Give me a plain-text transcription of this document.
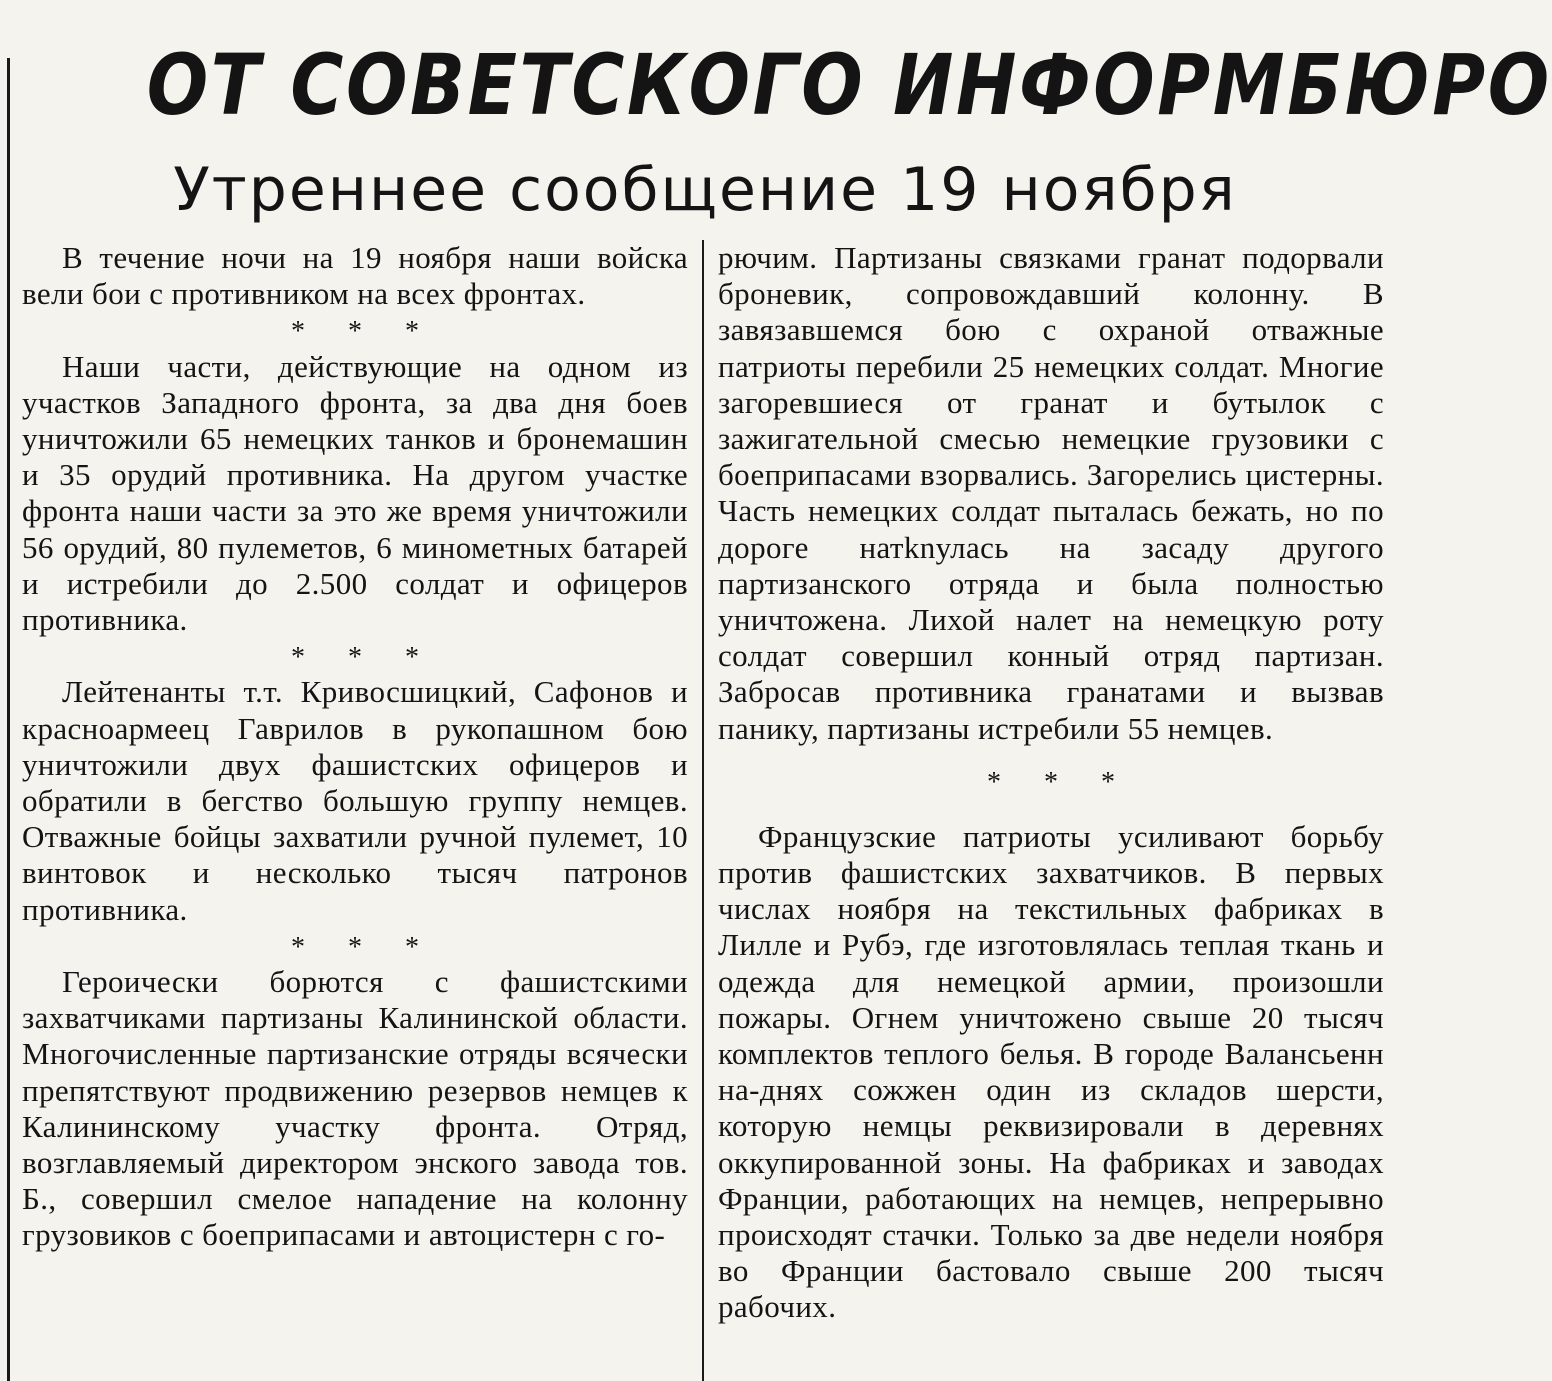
ОТ СОВЕТСКОГО ИНФОРМБЮРО
Утреннее сообщение 19 ноября

В течение ночи на 19 ноября наши войска вели бои с противником на всех фронтах.

* * *

Наши части, действующие на одном из участков Западного фронта, за два дня боев уничтожили 65 немецких танков и бронемашин и 35 орудий противника. На другом участке фронта наши части за это же время уничтожили 56 орудий, 80 пулеметов, 6 минометных батарей и истребили до 2.500 солдат и офицеров противника.

* * *

Лейтенанты т.т. Кривосшицкий, Сафонов и красноармеец Гаврилов в рукопашном бою уничтожили двух фашистских офицеров и обратили в бегство большую группу немцев. Отважные бойцы захватили ручной пулемет, 10 винтовок и несколько тысяч патронов противника.

* * *

Героически борются с фашистскими захватчиками партизаны Калининской области. Многочисленные партизанские отряды всячески препятствуют продвижению резервов немцев к Калининскому участку фронта. Отряд, возглавляемый директором энского завода тов. Б., совершил смелое нападение на колонну грузовиков с боеприпасами и автоцистерн с го-

рючим. Партизаны связками гранат подорвали броневик, сопровождавший колонну. В завязавшемся бою с охраной отважные патриоты перебили 25 немецких солдат. Многие загоревшиеся от гранат и бутылок с зажигательной смесью немецкие грузовики с боеприпасами взорвались. Загорелись цистерны. Часть немецких солдат пыталась бежать, но по дороге натknулась на засаду другого партизанского отряда и была полностью уничтожена. Лихой налет на немецкую роту солдат совершил конный отряд партизан. Забросав противника гранатами и вызвав панику, партизаны истребили 55 немцев.

* * *

Французские патриоты усиливают борьбу против фашистских захватчиков. В первых числах ноября на текстильных фабриках в Лилле и Рубэ, где изготовлялась теплая ткань и одежда для немецкой армии, произошли пожары. Огнем уничтожено свыше 20 тысяч комплектов теплого белья. В городе Валансьенн на-днях сожжен один из складов шерсти, которую немцы реквизировали в деревнях оккупированной зоны. На фабриках и заводах Франции, работающих на немцев, непрерывно происходят стачки. Только за две недели ноября во Франции бастовало свыше 200 тысяч рабочих.
